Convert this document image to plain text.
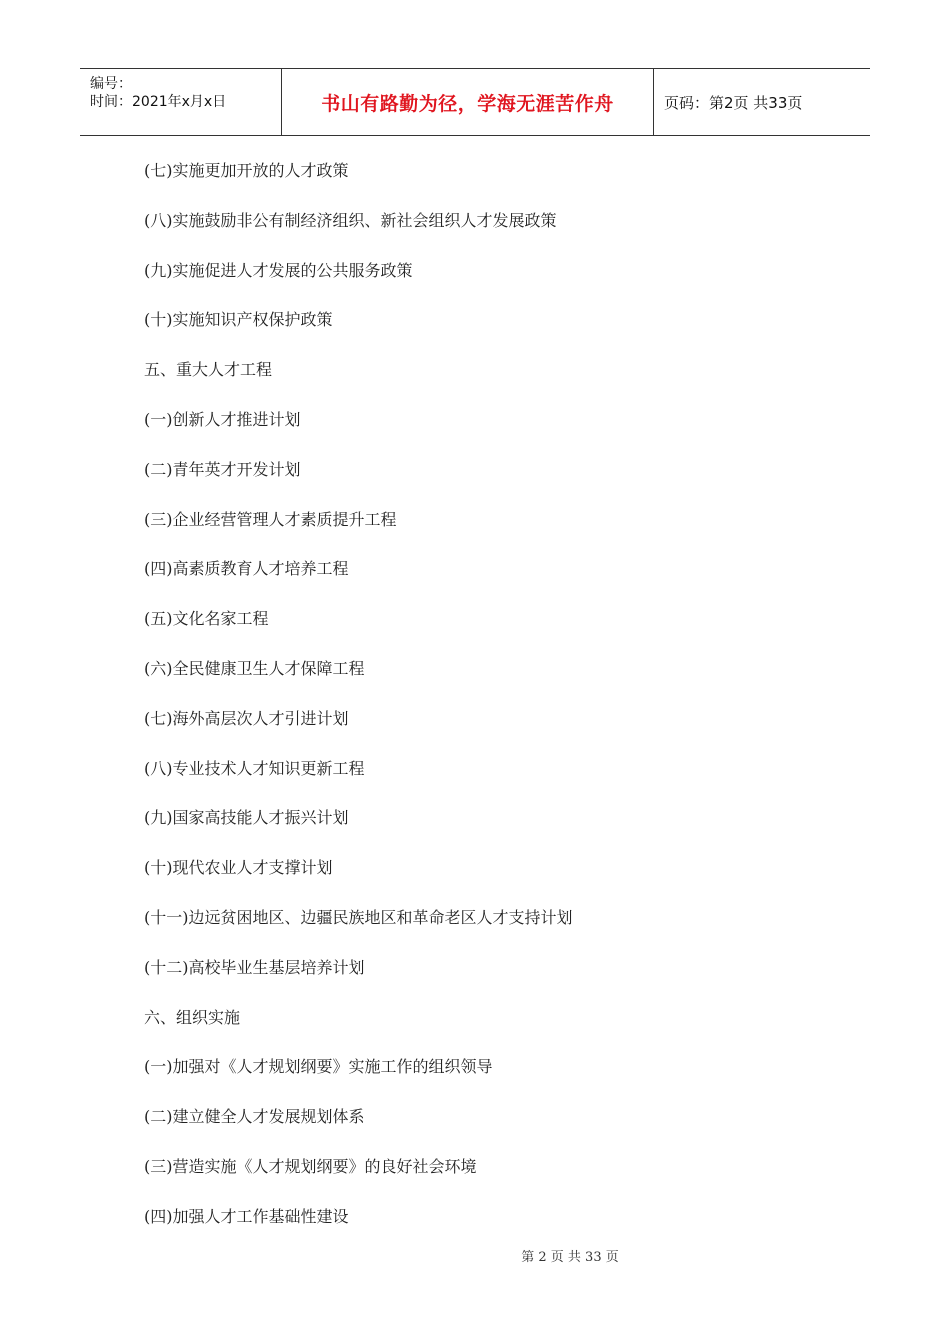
编号：
时间：2021年x月x日	书山有路勤为径，学海无涯苦作舟	页码：第2页 共33页
(七)实施更加开放的人才政策
(八)实施鼓励非公有制经济组织、新社会组织人才发展政策
(九)实施促进人才发展的公共服务政策
(十)实施知识产权保护政策
五、重大人才工程
(一)创新人才推进计划
(二)青年英才开发计划
(三)企业经营管理人才素质提升工程
(四)高素质教育人才培养工程
(五)文化名家工程
(六)全民健康卫生人才保障工程
(七)海外高层次人才引进计划
(八)专业技术人才知识更新工程
(九)国家高技能人才振兴计划
(十)现代农业人才支撑计划
(十一)边远贫困地区、边疆民族地区和革命老区人才支持计划
(十二)高校毕业生基层培养计划
六、组织实施
(一)加强对《人才规划纲要》实施工作的组织领导
(二)建立健全人才发展规划体系
(三)营造实施《人才规划纲要》的良好社会环境
(四)加强人才工作基础性建设
第 2 页 共 33 页
